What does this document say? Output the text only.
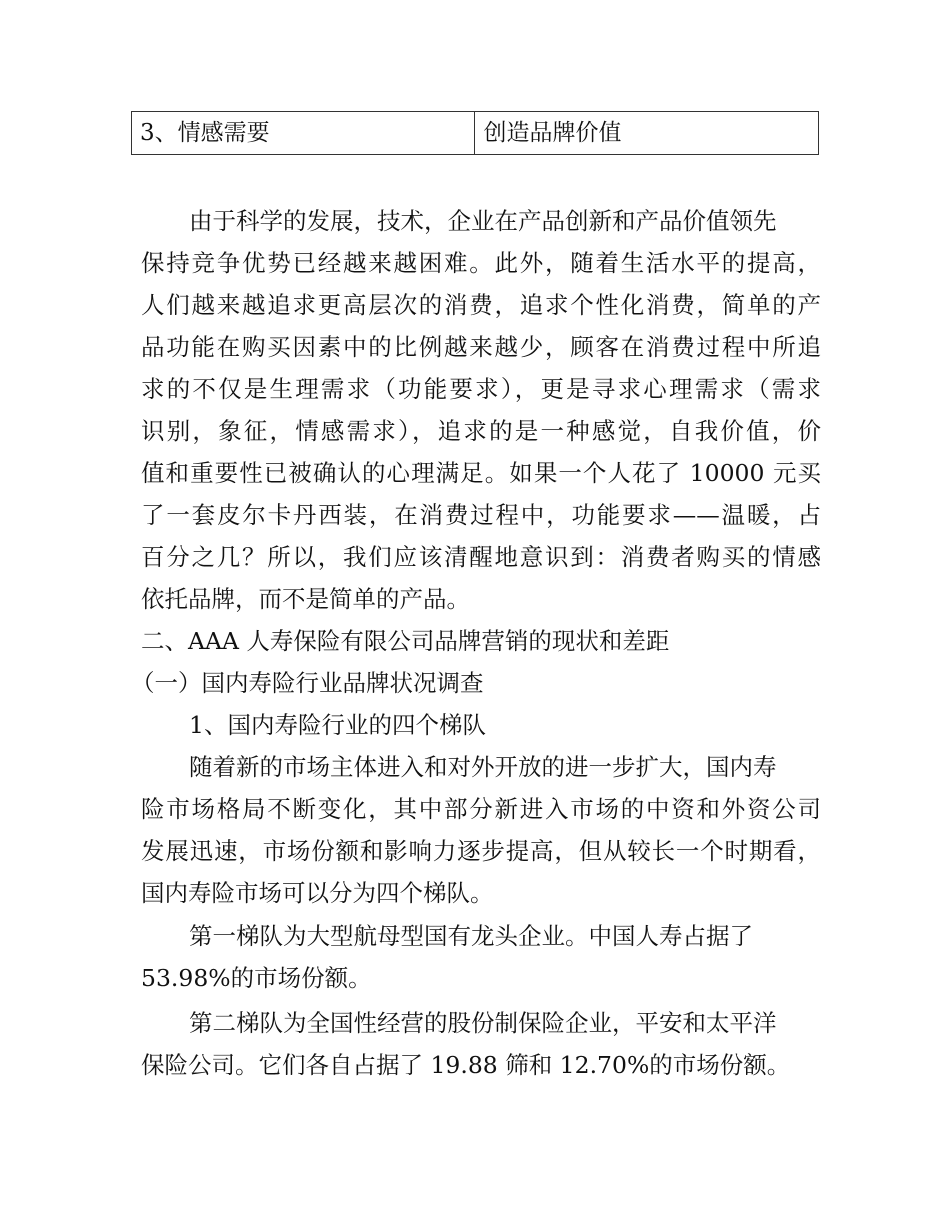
3、情感需要	创造品牌价值
由于科学的发展，技术，企业在产品创新和产品价值领先
保持竞争优势已经越来越困难。此外，随着生活水平的提高，
人们越来越追求更高层次的消费，追求个性化消费，简单的产
品功能在购买因素中的比例越来越少，顾客在消费过程中所追
求的不仅是生理需求（功能要求），更是寻求心理需求（需求
识别，象征，情感需求），追求的是一种感觉，自我价值，价
值和重要性已被确认的心理满足。如果一个人花了 10000 元买
了一套皮尔卡丹西装，在消费过程中，功能要求——温暖，占
百分之几？所以，我们应该清醒地意识到：消费者购买的情感
依托品牌，而不是简单的产品。
二、AAA 人寿保险有限公司品牌营销的现状和差距
（一）国内寿险行业品牌状况调查
1、国内寿险行业的四个梯队
随着新的市场主体进入和对外开放的进一步扩大，国内寿
险市场格局不断变化，其中部分新进入市场的中资和外资公司
发展迅速，市场份额和影响力逐步提高，但从较长一个时期看，
国内寿险市场可以分为四个梯队。
第一梯队为大型航母型国有龙头企业。中国人寿占据了
53.98%的市场份额。
第二梯队为全国性经营的股份制保险企业，平安和太平洋
保险公司。它们各自占据了 19.88 筛和 12.70%的市场份额。
